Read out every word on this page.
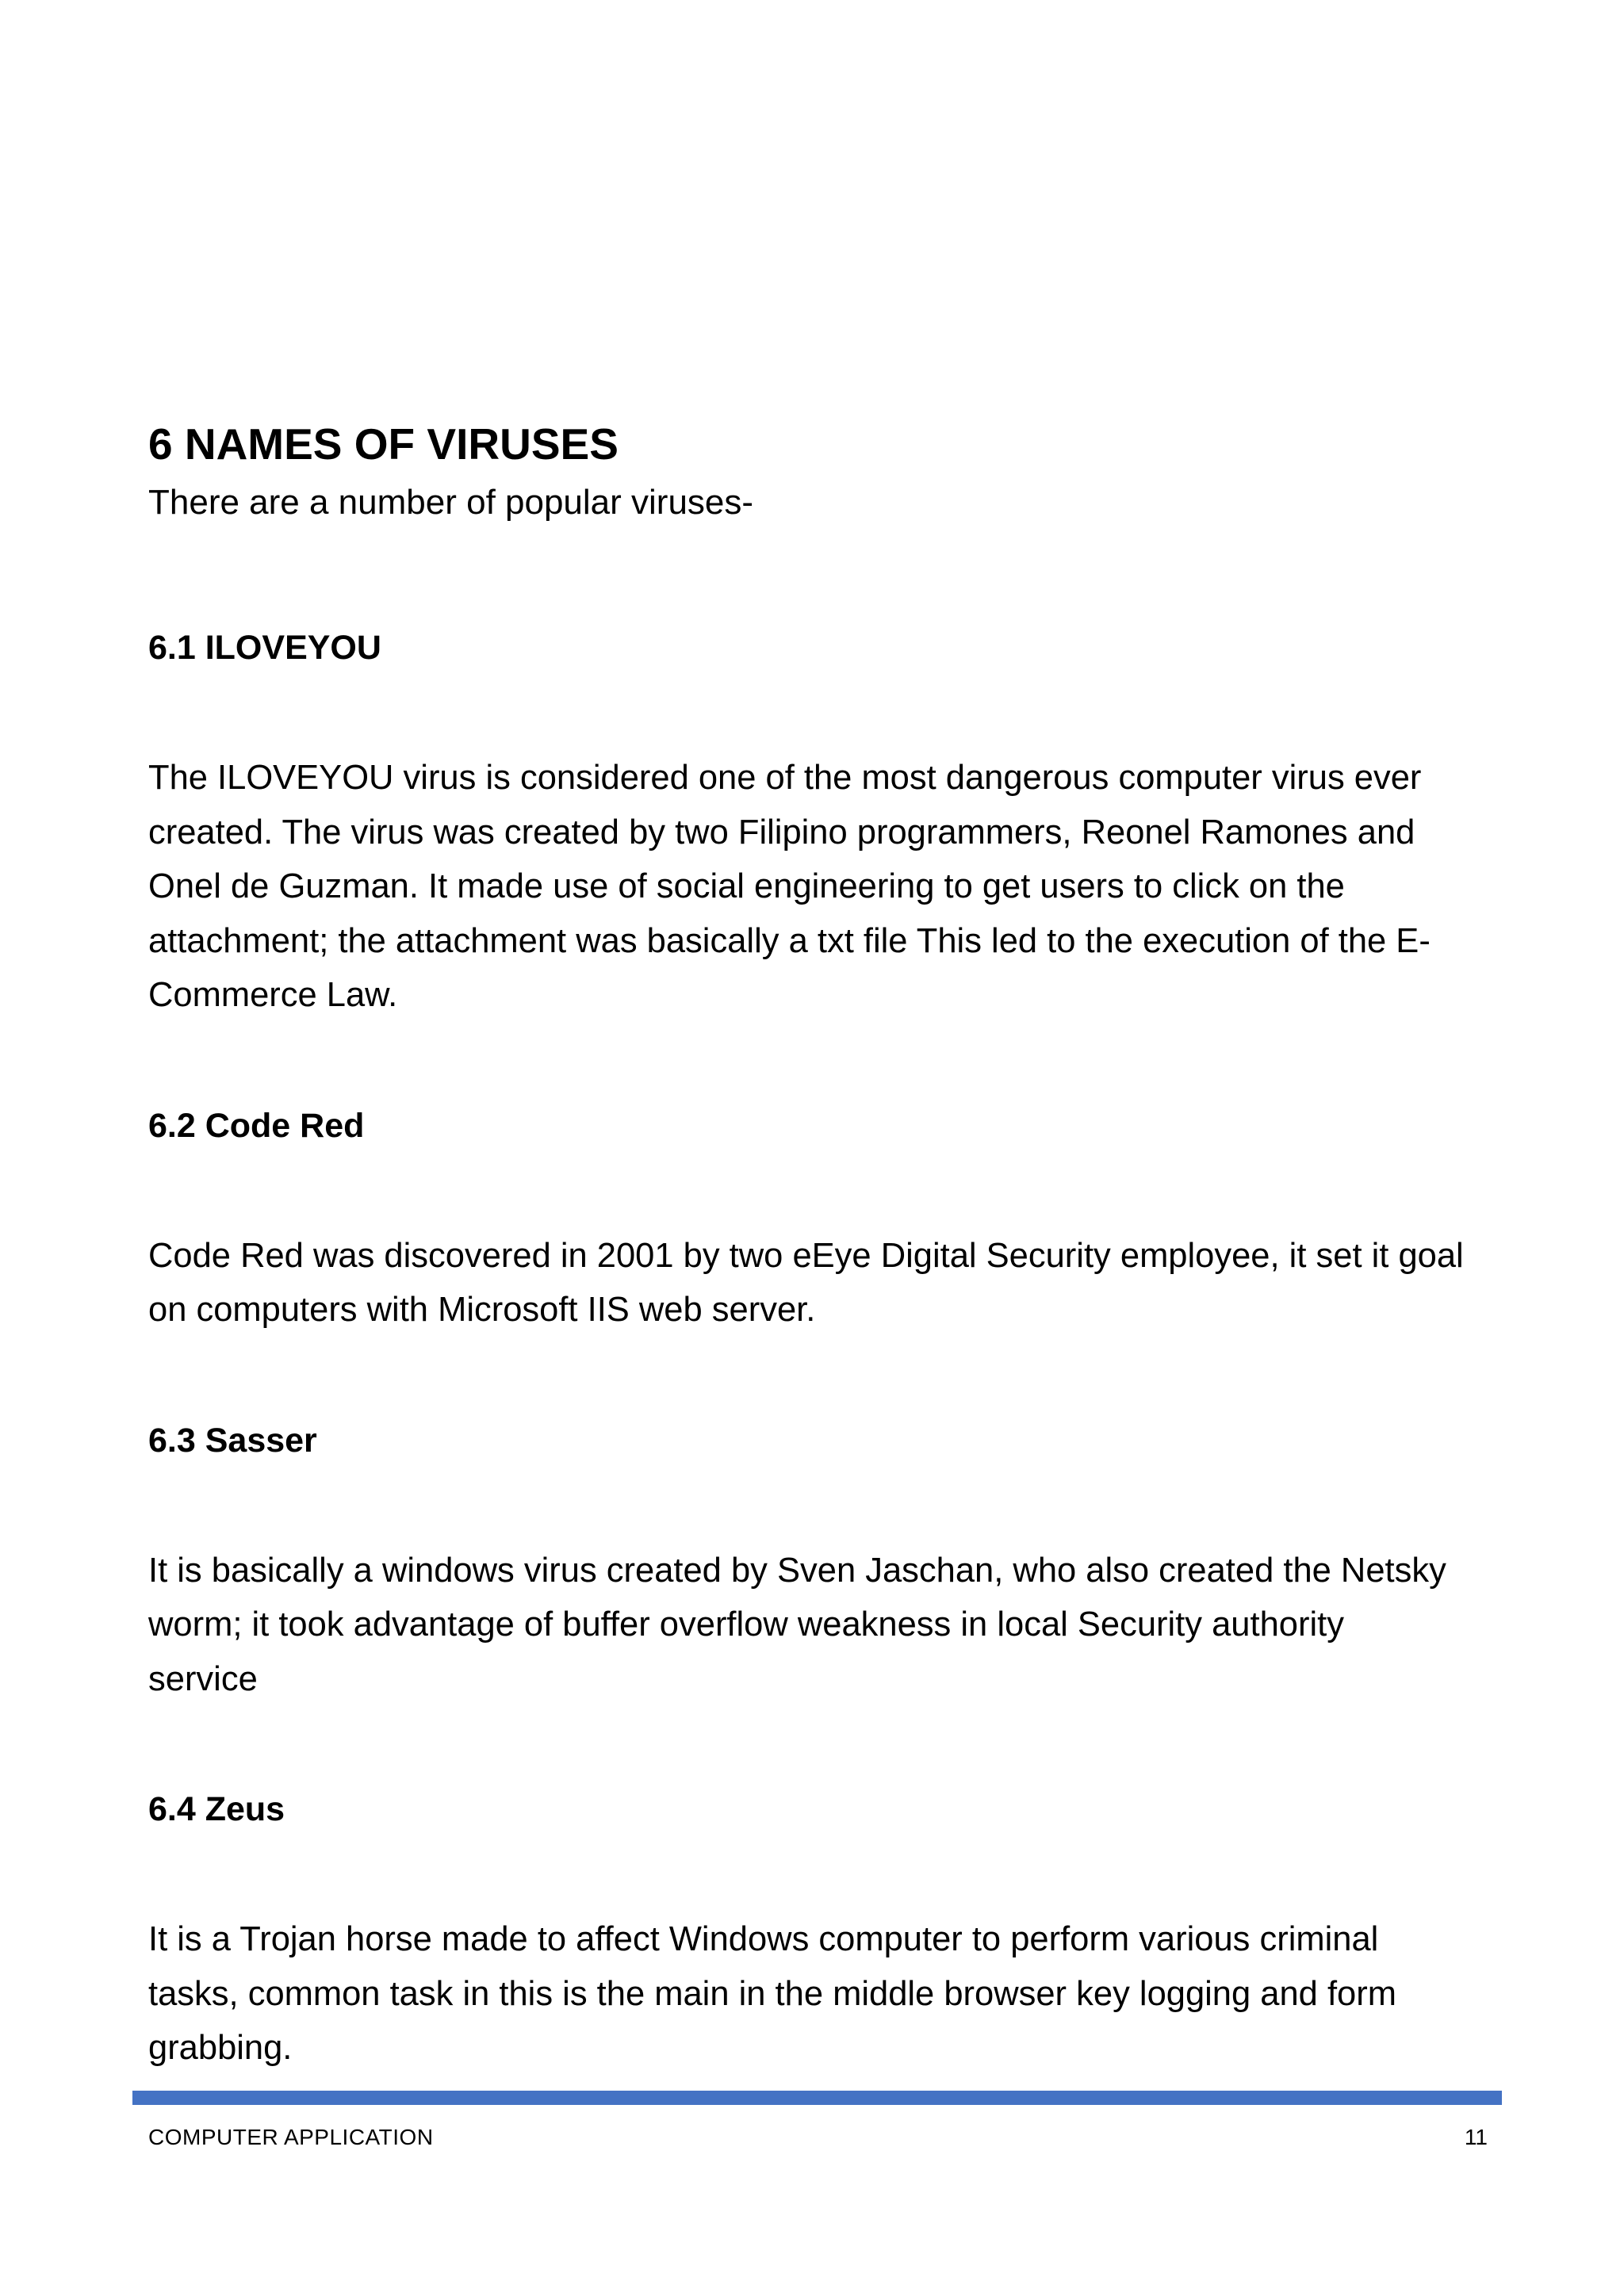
6 NAMES OF VIRUSES

There are a number of popular viruses-

6.1 ILOVEYOU
The ILOVEYOU virus is considered one of the most dangerous computer virus ever
created. The virus was created by two Filipino programmers, Reonel Ramones and
Onel de Guzman. It made use of social engineering to get users to click on the
attachment; the attachment was basically a txt file This led to the execution of the E-
Commerce Law.
6.2 Code Red
Code Red was discovered in 2001 by two eEye Digital Security employee, it set it goal
on computers with Microsoft IIS web server.
6.3 Sasser
It is basically a windows virus created by Sven Jaschan, who also created the Netsky
worm; it took advantage of buffer overflow weakness in local Security authority
service
6.4 Zeus
It is a Trojan horse made to affect Windows computer to perform various criminal
tasks, common task in this is the main in the middle browser key logging and form
grabbing.
COMPUTER APPLICATION	11
